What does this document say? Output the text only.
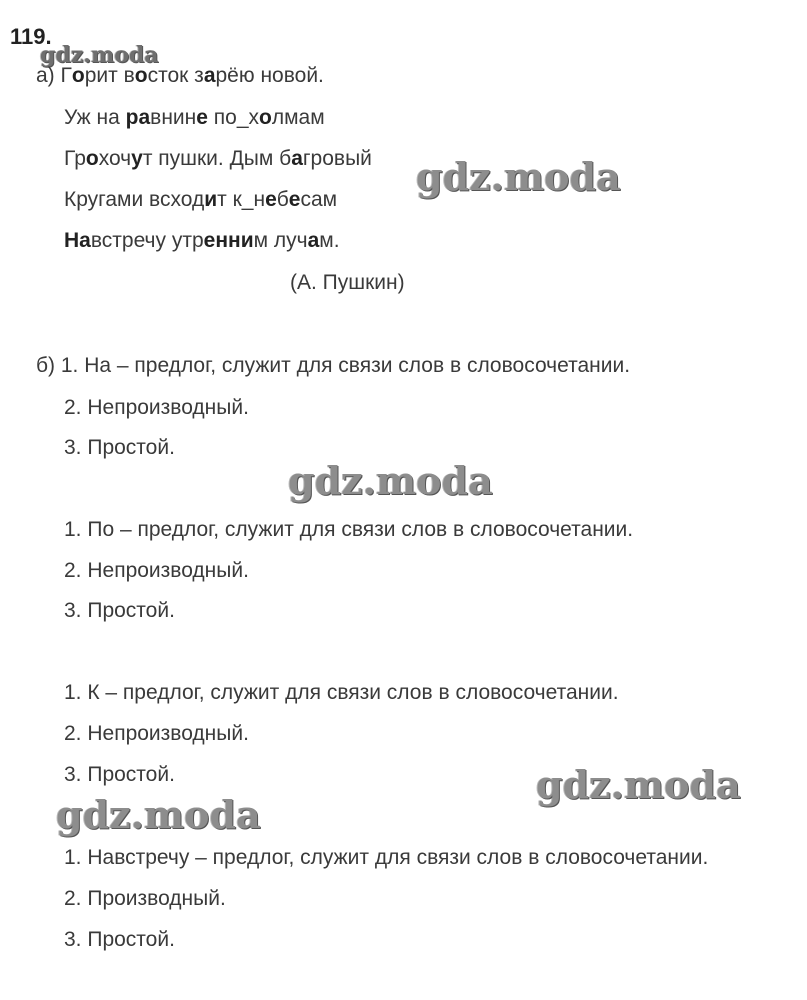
119.
gdz.moda
а) Горит восток зарёю новой.
Уж на равнине по_холмам
Грохочут пушки. Дым багровый
Кругами всходит к_небесам
Навстречу утренним лучам.
(А. Пушкин)
gdz.moda
б) 1. На – предлог, служит для связи слов в словосочетании.
2. Непроизводный.
3. Простой.
gdz.moda
1. По – предлог, служит для связи слов в словосочетании.
2. Непроизводный.
3. Простой.
1. К – предлог, служит для связи слов в словосочетании.
2. Непроизводный.
3. Простой.	gdz.moda
gdz.moda
1. Навстречу – предлог, служит для связи слов в словосочетании.
2. Производный.
3. Простой.
